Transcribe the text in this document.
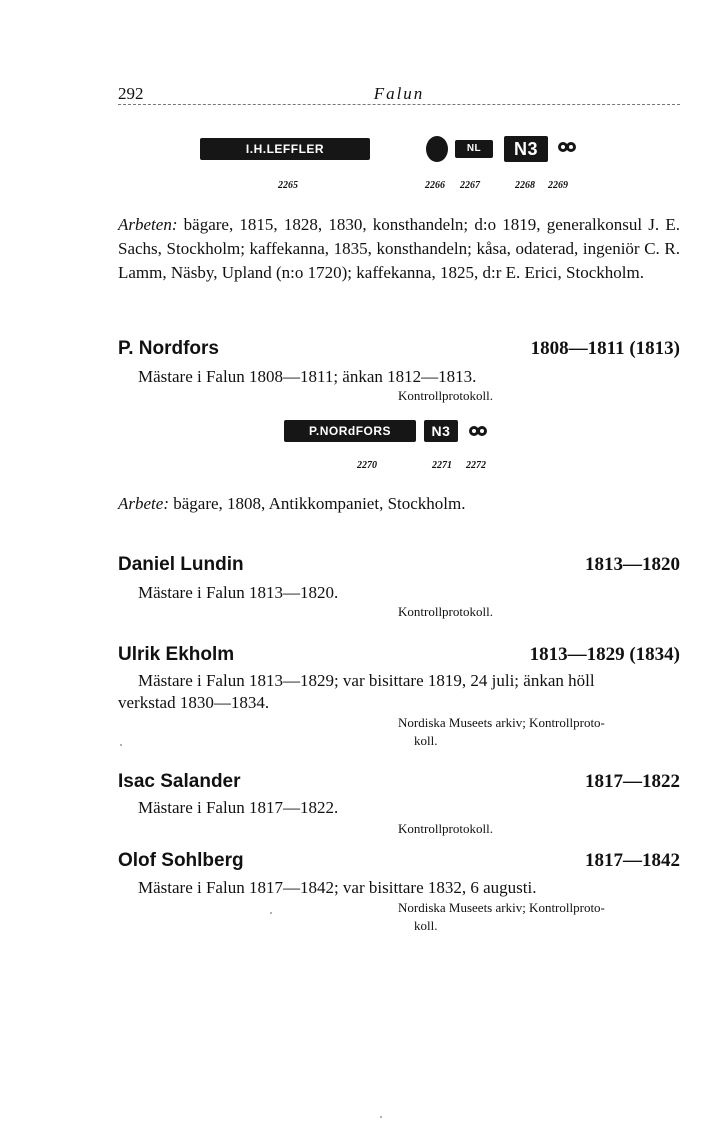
292	Falun
I.H.LEFFLER	NL	N3
2265	2266 2267	2268 2269

Arbeten: bägare, 1815, 1828, 1830, konsthandeln; d:o 1819, generalkonsul J. E. Sachs, Stockholm; kaffekanna, 1835, konsthandeln; kåsa, odaterad, ingeniör C. R. Lamm, Näsby, Upland (n:o 1720); kaffekanna, 1825, d:r E. Erici, Stockholm.

P. Nordfors	1808—1811 (1813)
Mästare i Falun 1808—1811; änkan 1812—1813.
Kontrollprotokoll.
P.NORdFORS	N3
2270	2271 2272

Arbete: bägare, 1808, Antikkompaniet, Stockholm.

Daniel Lundin	1813—1820
Mästare i Falun 1813—1820.
Kontrollprotokoll.
Ulrik Ekholm	1813—1829 (1834)
Mästare i Falun 1813—1829; var bisittare 1819, 24 juli; änkan höll
verkstad 1830—1834.
Nordiska Museets arkiv; Kontrollproto-
koll.
Isac Salander	1817—1822
Mästare i Falun 1817—1822.
Kontrollprotokoll.
Olof Sohlberg	1817—1842
Mästare i Falun 1817—1842; var bisittare 1832, 6 augusti.
Nordiska Museets arkiv; Kontrollproto-
koll.
